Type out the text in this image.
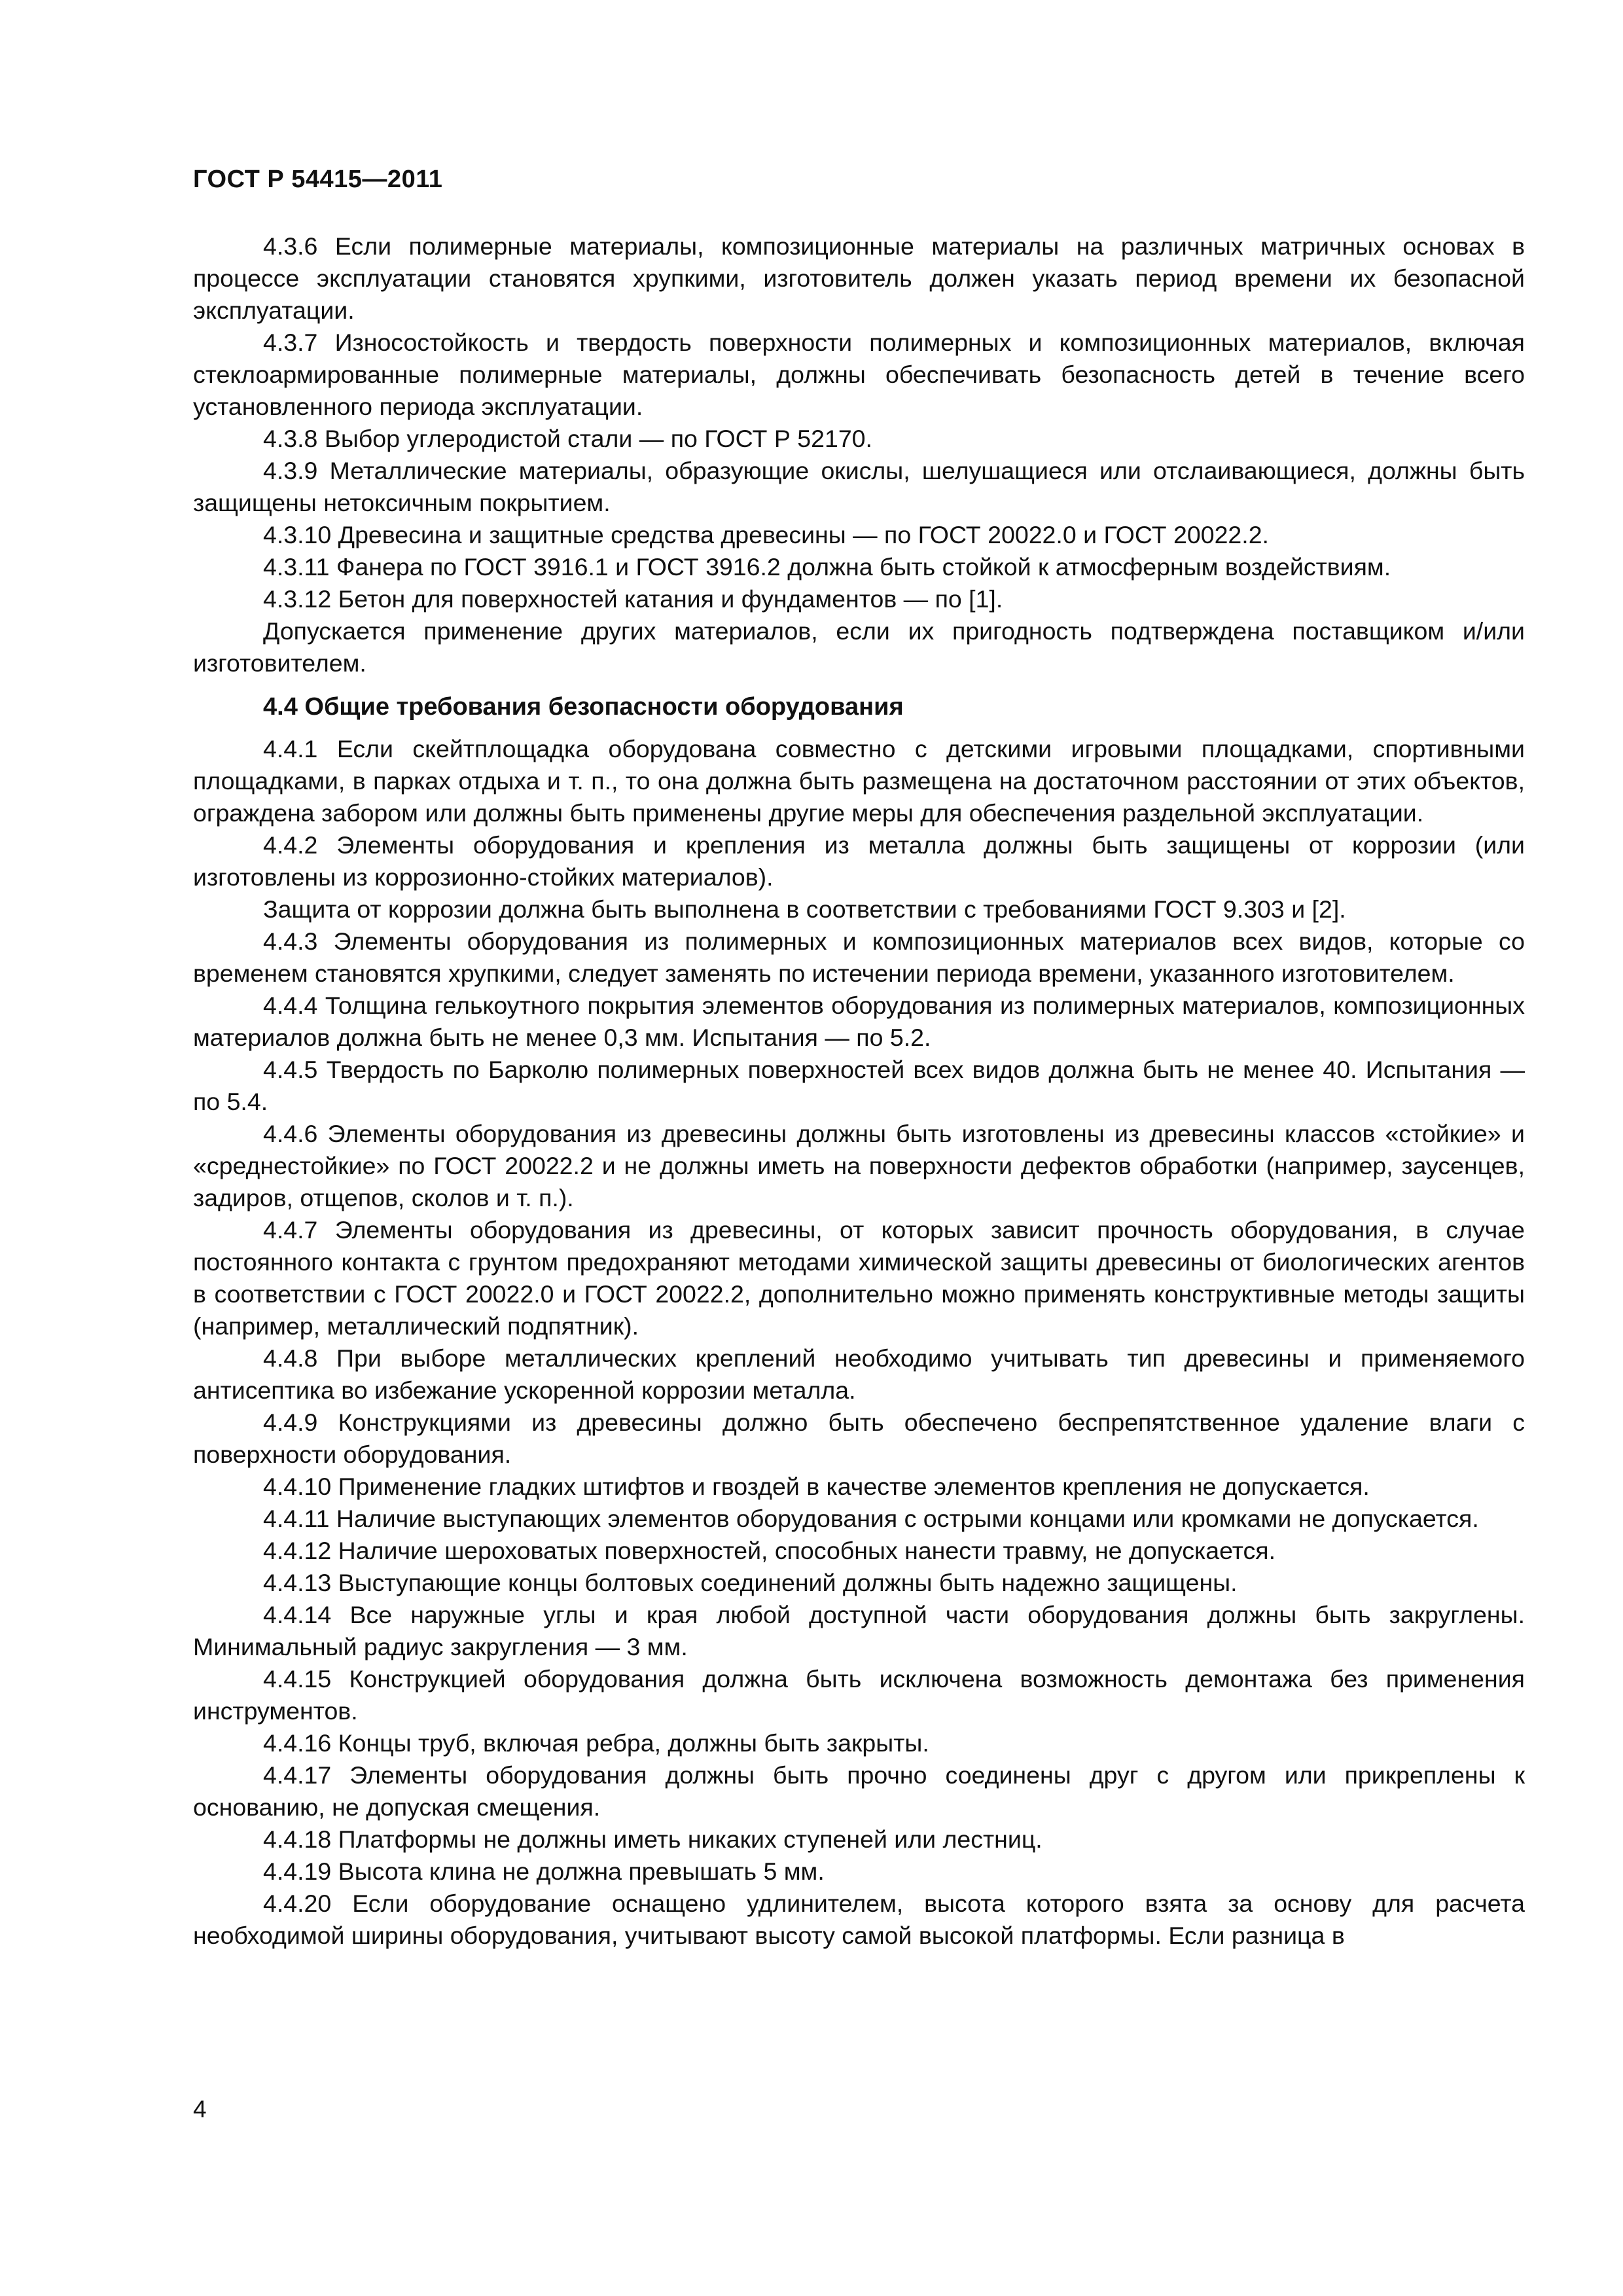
ГОСТ Р 54415—2011

4.3.6 Если полимерные материалы, композиционные материалы на различных матричных основах в процессе эксплуатации становятся хрупкими, изготовитель должен указать период времени их безопасной эксплуатации.

4.3.7 Износостойкость и твердость поверхности полимерных и композиционных материалов, включая стеклоармированные полимерные материалы, должны обеспечивать безопасность детей в течение всего установленного периода эксплуатации.

4.3.8 Выбор углеродистой стали — по ГОСТ Р 52170.

4.3.9 Металлические материалы, образующие окислы, шелушащиеся или отслаивающиеся, должны быть защищены нетоксичным покрытием.

4.3.10 Древесина и защитные средства древесины — по ГОСТ 20022.0 и ГОСТ 20022.2.

4.3.11 Фанера по ГОСТ 3916.1 и ГОСТ 3916.2 должна быть стойкой к атмосферным воздействиям.

4.3.12 Бетон для поверхностей катания и фундаментов — по [1].

Допускается применение других материалов, если их пригодность подтверждена поставщиком и/или изготовителем.

4.4 Общие требования безопасности оборудования

4.4.1 Если скейтплощадка оборудована совместно с детскими игровыми площадками, спортивными площадками, в парках отдыха и т. п., то она должна быть размещена на достаточном расстоянии от этих объектов, ограждена забором или должны быть применены другие меры для обеспечения раздельной эксплуатации.

4.4.2 Элементы оборудования и крепления из металла должны быть защищены от коррозии (или изготовлены из коррозионно-стойких материалов).

Защита от коррозии должна быть выполнена в соответствии с требованиями ГОСТ 9.303 и [2].

4.4.3 Элементы оборудования из полимерных и композиционных материалов всех видов, которые со временем становятся хрупкими, следует заменять по истечении периода времени, указанного изготовителем.

4.4.4 Толщина гелькоутного покрытия элементов оборудования из полимерных материалов, композиционных материалов должна быть не менее 0,3 мм. Испытания — по 5.2.

4.4.5 Твердость по Барколю полимерных поверхностей всех видов должна быть не менее 40. Испытания — по 5.4.

4.4.6 Элементы оборудования из древесины должны быть изготовлены из древесины классов «стойкие» и «среднестойкие» по ГОСТ 20022.2 и не должны иметь на поверхности дефектов обработки (например, заусенцев, задиров, отщепов, сколов и т. п.).

4.4.7 Элементы оборудования из древесины, от которых зависит прочность оборудования, в случае постоянного контакта с грунтом предохраняют методами химической защиты древесины от биологических агентов в соответствии с ГОСТ 20022.0 и ГОСТ 20022.2, дополнительно можно применять конструктивные методы защиты (например, металлический подпятник).

4.4.8 При выборе металлических креплений необходимо учитывать тип древесины и применяемого антисептика во избежание ускоренной коррозии металла.

4.4.9 Конструкциями из древесины должно быть обеспечено беспрепятственное удаление влаги с поверхности оборудования.

4.4.10 Применение гладких штифтов и гвоздей в качестве элементов крепления не допускается.

4.4.11 Наличие выступающих элементов оборудования с острыми концами или кромками не допускается.

4.4.12 Наличие шероховатых поверхностей, способных нанести травму, не допускается.

4.4.13 Выступающие концы болтовых соединений должны быть надежно защищены.

4.4.14 Все наружные углы и края любой доступной части оборудования должны быть закруглены. Минимальный радиус закругления — 3 мм.

4.4.15 Конструкцией оборудования должна быть исключена возможность демонтажа без применения инструментов.

4.4.16 Концы труб, включая ребра, должны быть закрыты.

4.4.17 Элементы оборудования должны быть прочно соединены друг с другом или прикреплены к основанию, не допуская смещения.

4.4.18 Платформы не должны иметь никаких ступеней или лестниц.

4.4.19 Высота клина не должна превышать 5 мм.

4.4.20 Если оборудование оснащено удлинителем, высота которого взята за основу для расчета необходимой ширины оборудования, учитывают высоту самой высокой платформы. Если разница в

4
